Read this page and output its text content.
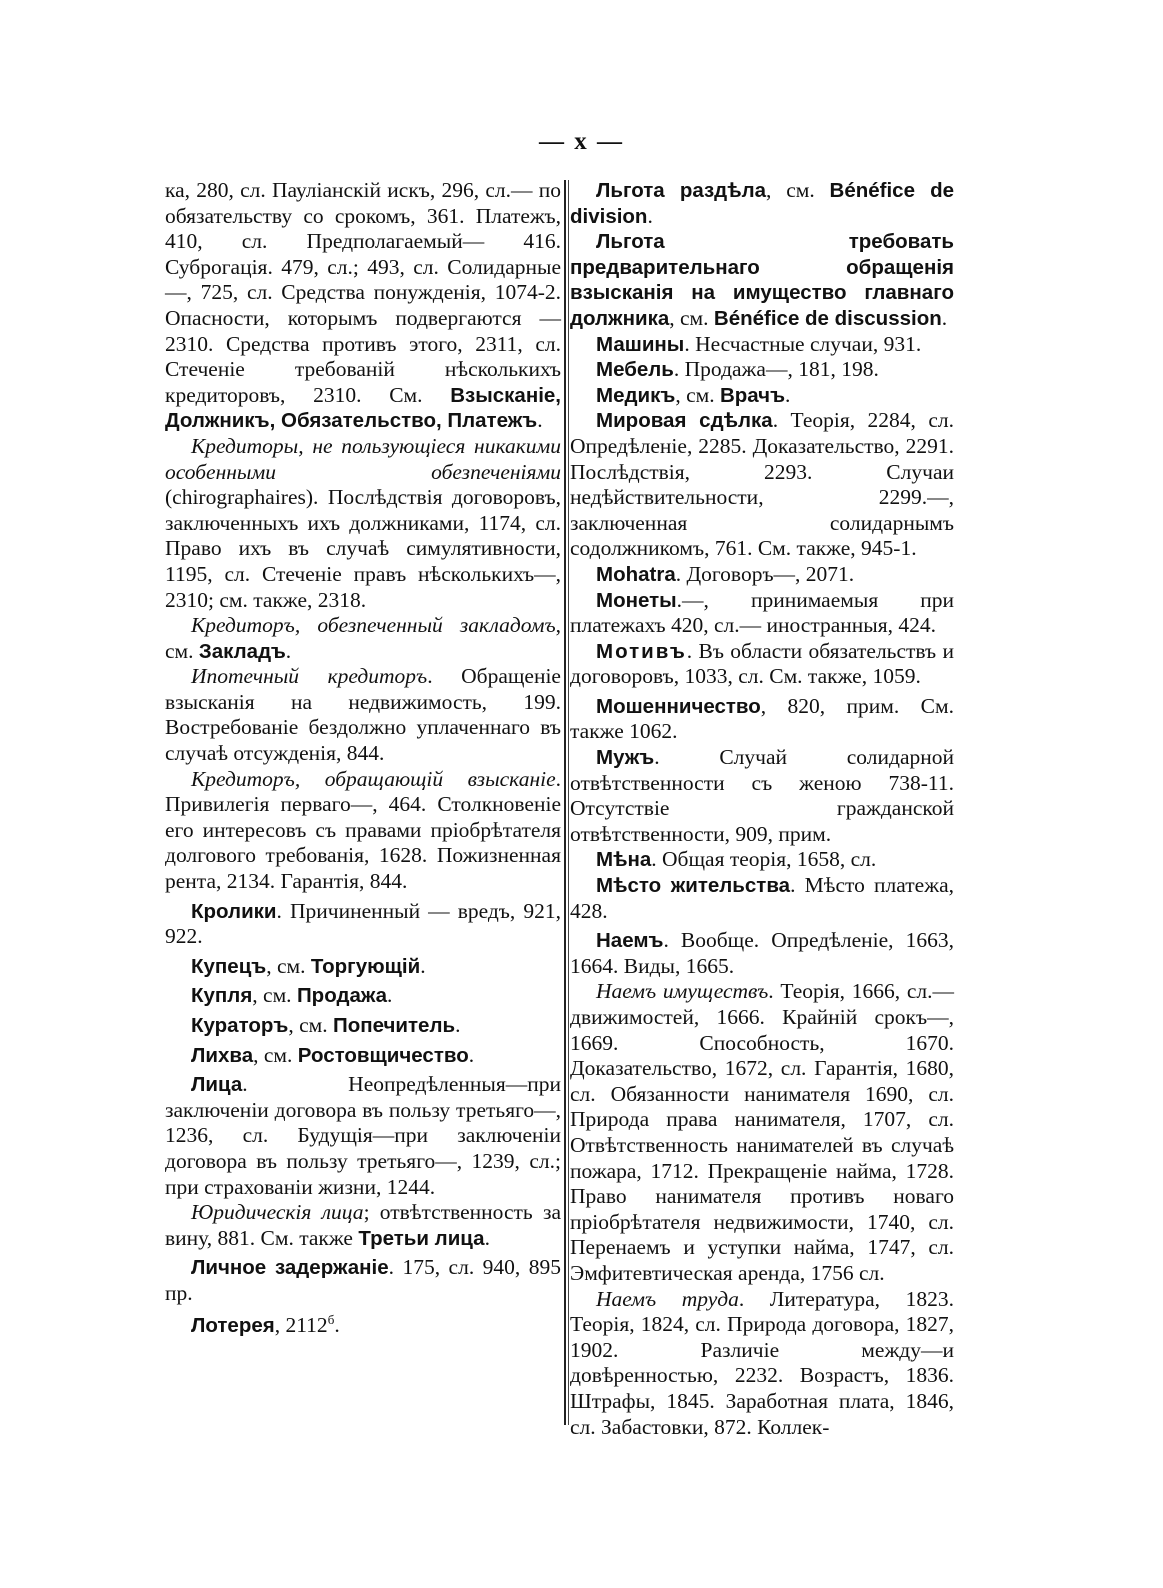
— x —

ка, 280, сл. Паулiанскiй искъ, 296, сл.— по обязательству со срокомъ, 361. Платежъ, 410, сл. Предполагаемый— 416. Суброгацiя. 479, сл.; 493, сл. Солидарные —, 725, сл. Средства понужденiя, 1074-2. Опасности, которымъ подвергаются — 2310. Средства противъ этого, 2311, сл. Стеченiе требованiй нѣсколькихъ кредиторовъ, 2310. См. Взысканiе, Должникъ, Обязательство, Платежъ.

Кредиторы, не пользующiеся никакими особенными обезпеченiями (chirographaires). Послѣдствiя договоровъ, заключенныхъ ихъ должниками, 1174, сл. Право ихъ въ случаѣ симулятивности, 1195, сл. Стеченiе правъ нѣсколькихъ—, 2310; см. также, 2318.

Кредиторъ, обезпеченный закладомъ, см. Закладъ.

Ипотечный кредиторъ. Обращенiе взысканiя на недвижимость, 199. Востребованiе бездолжно уплаченнаго въ случаѣ отсужденiя, 844.

Кредиторъ, обращающiй взысканiе. Привилегiя перваго—, 464. Столкновенiе его интересовъ съ правами прiобрѣтателя долгового требованiя, 1628. Пожизненная рента, 2134. Гарантiя, 844.

Кролики. Причиненный — вредъ, 921, 922.

Купецъ, см. Торгующiй.

Купля, см. Продажа.

Кураторъ, см. Попечитель.

Лихва, см. Ростовщичество.

Лица. Неопредѣленныя—при заключенiи договора въ пользу третьяго—, 1236, сл. Будущiя—при заключенiи договора въ пользу третьяго—, 1239, сл.; при страхованiи жизни, 1244.

Юридическiя лица; отвѣтственность за вину, 881. См. также Третьи лица.

Личное задержанiе. 175, сл. 940, 895 пр.

Лотерея, $2112^б$.

Льгота раздѣла, см. Bénéfice de division.

Льгота требовать предварительнаго обращенiя взысканiя на имущество главнаго должника, см. Bénéfice de discussion.

Машины. Несчастные случаи, 931.

Мебель. Продажа—, 181, 198.

Медикъ, см. Врачъ.

Мировая сдѣлка. Теорiя, 2284, сл. Опредѣленiе, 2285. Доказательство, 2291. Послѣдствiя, 2293. Случаи недѣйствительности, 2299.—, заключенная солидарнымъ содолжникомъ, 761. См. также, 945-1.

Mohatra. Договоръ—, 2071.

Монеты.—, принимаемыя при платежахъ 420, сл.— иностранныя, 424.

Мотивъ. Въ области обязательствъ и договоровъ, 1033, сл. См. также, 1059.

Мошенничество, 820, прим. См. также 1062.

Мужъ. Случай солидарной отвѣтственности съ женою 738-11. Отсутствiе гражданской отвѣтственности, 909, прим.

Мѣна. Общая теорiя, 1658, сл.

Мѣсто жительства. Мѣсто платежа, 428.

Наемъ. Вообще. Опредѣленiе, 1663, 1664. Виды, 1665.

Наемъ имуществъ. Теорiя, 1666, сл.— движимостей, 1666. Крайнiй срокъ—, 1669. Способность, 1670. Доказательство, 1672, сл. Гарантiя, 1680, сл. Обязанности нанимателя 1690, сл. Природа права нанимателя, 1707, сл. Отвѣтственность нанимателей въ случаѣ пожара, 1712. Прекращенiе найма, 1728. Право нанимателя противъ новаго прiобрѣтателя недвижимости, 1740, сл. Перенаемъ и уступки найма, 1747, сл. Эмфитевтическая аренда, 1756 сл.

Наемъ труда. Литература, 1823. Теорiя, 1824, сл. Природа договора, 1827, 1902. Различiе между—и довѣренностью, 2232. Возрастъ, 1836. Штрафы, 1845. Заработная плата, 1846, сл. Забастовки, 872. Коллек-
